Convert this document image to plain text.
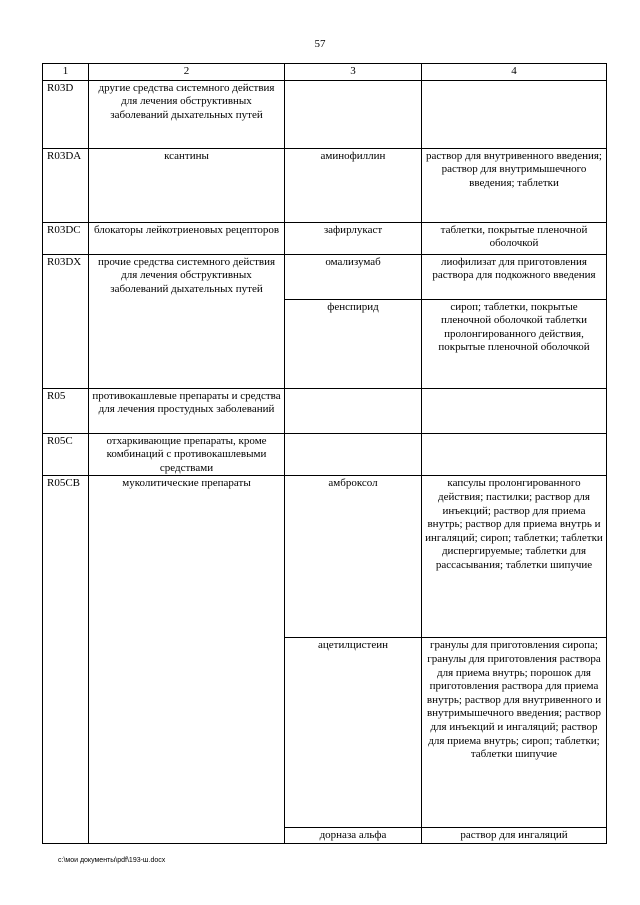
57
1	2	3	4
R03D	другие средства системного действия для лечения обструктивных заболеваний дыхательных путей		
R03DA	ксантины	аминофиллин	раствор для внутривенного введения; раствор для внутримышечного введения; таблетки
R03DC	блокаторы лейкотриеновых рецепторов	зафирлукаст	таблетки, покрытые пленочной оболочкой
R03DX	прочие средства системного действия для лечения обструктивных заболеваний дыхательных путей	омализумаб	лиофилизат для приготовления раствора для подкожного введения
		фенспирид	сироп; таблетки, покрытые пленочной оболочкой таблетки пролонгированного действия, покрытые пленочной оболочкой
R05	противокашлевые препараты и средства для лечения простудных заболеваний		
R05C	отхаркивающие препараты, кроме комбинаций с противокашлевыми средствами		
R05CB	муколитические препараты	амброксол	капсулы пролонгированного действия; пастилки; раствор для инъекций; раствор для приема внутрь; раствор для приема внутрь и ингаляций; сироп; таблетки; таблетки диспергируемые; таблетки для рассасывания; таблетки шипучие
		ацетилцистеин	гранулы для приготовления сиропа; гранулы для приготовления раствора для приема внутрь; порошок для приготовления раствора для приема внутрь; раствор для внутривенного и внутримышечного введения; раствор для инъекций и ингаляций; раствор для приема внутрь; сироп; таблетки; таблетки шипучие
		дорназа альфа	раствор для ингаляций
c:\мои документы\pdf\193-ш.docx
